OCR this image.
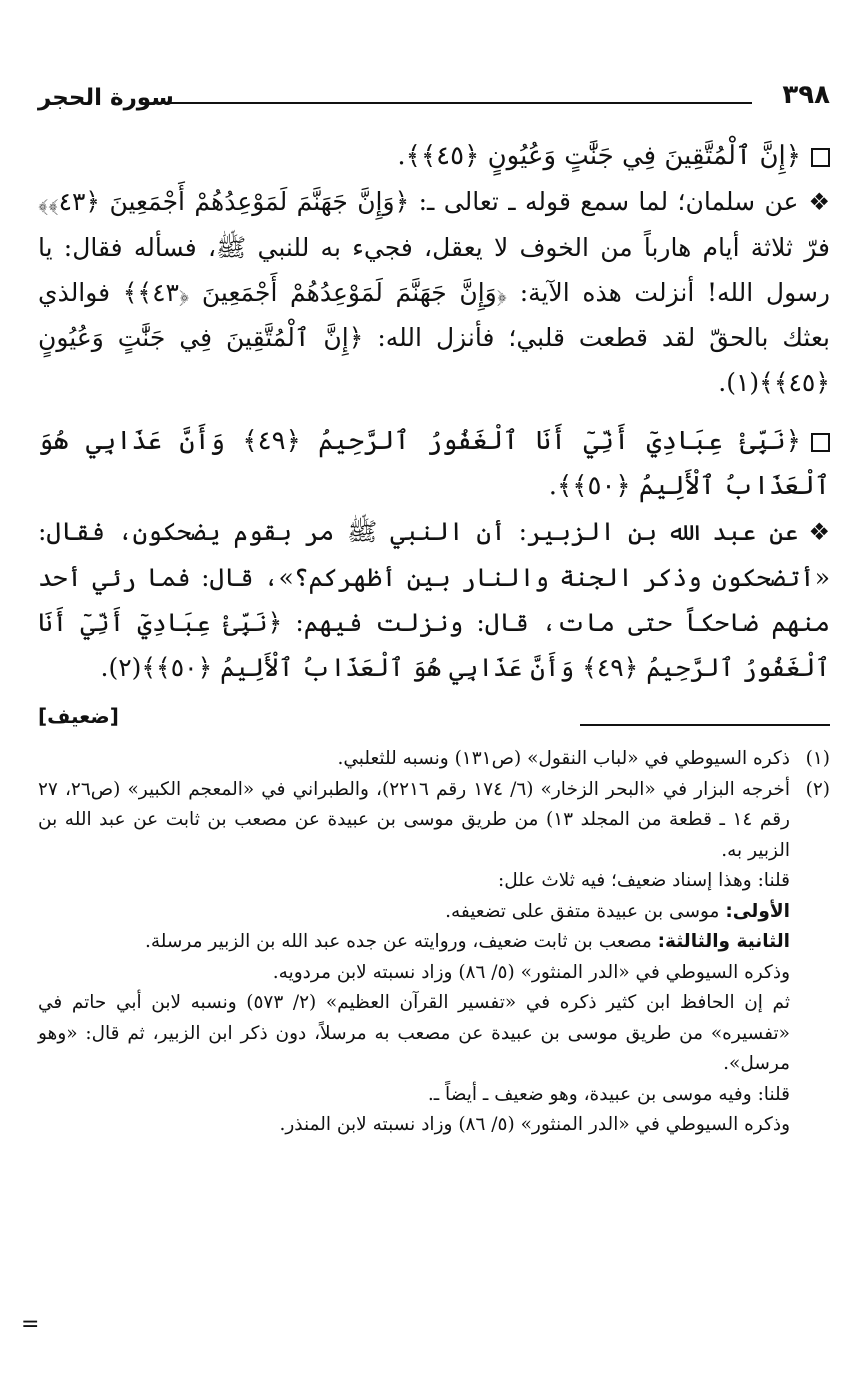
٣٩٨
سورة الحجر

﴿إِنَّ ٱلْمُتَّقِينَ فِي جَنَّٰتٍ وَعُيُونٍ ﴿٤٥﴾﴾.

❖عن سلمان؛ لما سمع قوله ـ تعالى ـ: ﴿وَإِنَّ جَهَنَّمَ لَمَوْعِدُهُمْ أَجْمَعِينَ ﴿٤٣﴾﴾ فرّ ثلاثة أيام هارباً من الخوف لا يعقل، فجيء به للنبي ﷺ، فسأله فقال: يا رسول الله! أنزلت هذه الآية: ﴿وَإِنَّ جَهَنَّمَ لَمَوْعِدُهُمْ أَجْمَعِينَ ﴿٤٣﴾﴾ فوالذي بعثك بالحقّ لقد قطعت قلبي؛ فأنزل الله: ﴿إِنَّ ٱلْمُتَّقِينَ فِي جَنَّٰتٍ وَعُيُونٍ ﴿٤٥﴾﴾(١).

﴿نَبِّئْ عِبَادِيٓ أَنِّيٓ أَنَا ٱلْغَفُورُ ٱلرَّحِيمُ ﴿٤٩﴾ وَأَنَّ عَذَابِي هُوَ ٱلْعَذَابُ ٱلْأَلِيمُ ﴿٥٠﴾﴾.

❖عن عبد الله بن الزبير: أن النبي ﷺ مر بقوم يضحكون، فقال: «أتضحكون وذكر الجنة والنار بين أظهركم؟»، قال: فما رئي أحد منهم ضاحكاً حتى مات، قال: ونزلت فيهم: ﴿نَبِّئْ عِبَادِيٓ أَنِّيٓ أَنَا ٱلْغَفُورُ ٱلرَّحِيمُ ﴿٤٩﴾ وَأَنَّ عَذَابِي هُوَ ٱلْعَذَابُ ٱلْأَلِيمُ ﴿٥٠﴾﴾(٢).
[ضعيف]

(١)
ذكره السيوطي في «لباب النقول» (ص١٣١) ونسبه للثعلبي.
(٢)
أخرجه البزار في «البحر الزخار» (٦/ ١٧٤ رقم ٢٢١٦)، والطبراني في «المعجم الكبير» (ص٢٦، ٢٧ رقم ١٤ ـ قطعة من المجلد ١٣) من طريق موسى بن عبيدة عن مصعب بن ثابت عن عبد الله بن الزبير به.
قلنا: وهذا إسناد ضعيف؛ فيه ثلاث علل:
الأولى: موسى بن عبيدة متفق على تضعيفه.
الثانية والثالثة: مصعب بن ثابت ضعيف، وروايته عن جده عبد الله بن الزبير مرسلة.
وذكره السيوطي في «الدر المنثور» (٥/ ٨٦) وزاد نسبته لابن مردويه.
ثم إن الحافظ ابن كثير ذكره في «تفسير القرآن العظيم» (٢/ ٥٧٣) ونسبه لابن أبي حاتم في «تفسيره» من طريق موسى بن عبيدة عن مصعب به مرسلاً، دون ذكر ابن الزبير، ثم قال: «وهو مرسل».
قلنا: وفيه موسى بن عبيدة، وهو ضعيف ـ أيضاً ـ.
وذكره السيوطي في «الدر المنثور» (٥/ ٨٦) وزاد نسبته لابن المنذر.
=
